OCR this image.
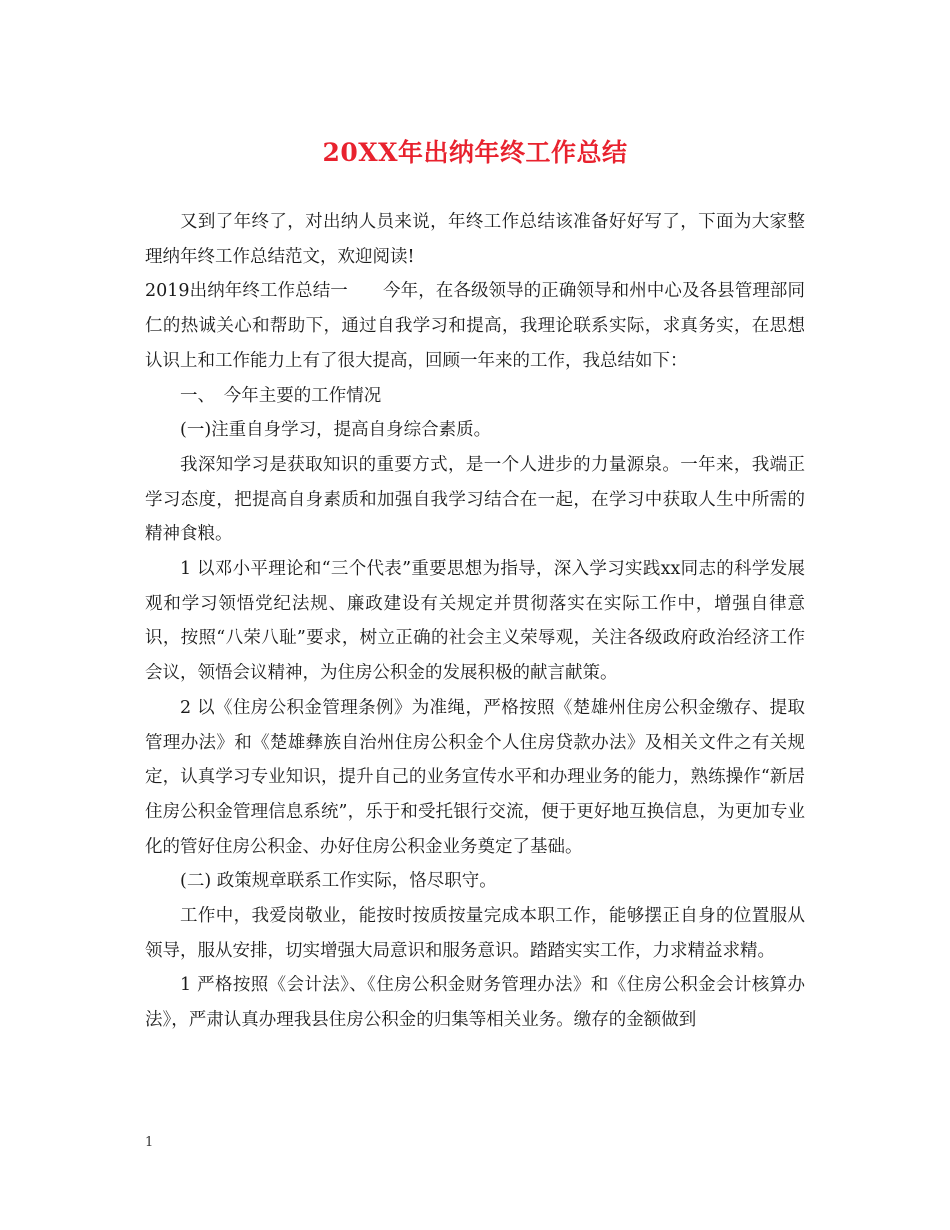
20XX年出纳年终工作总结

又到了年终了，对出纳人员来说，年终工作总结该准备好好写了，下面为大家整理纳年终工作总结范文，欢迎阅读!

2019出纳年终工作总结一　　今年，在各级领导的正确领导和州中心及各县管理部同仁的热诚关心和帮助下，通过自我学习和提高，我理论联系实际，求真务实，在思想认识上和工作能力上有了很大提高，回顾一年来的工作，我总结如下：

一、　今年主要的工作情况

(一)注重自身学习，提高自身综合素质。

我深知学习是获取知识的重要方式，是一个人进步的力量源泉。一年来，我端正学习态度，把提高自身素质和加强自我学习结合在一起，在学习中获取人生中所需的精神食粮。

1 以邓小平理论和“三个代表”重要思想为指导，深入学习实践xx同志的科学发展观和学习领悟党纪法规、廉政建设有关规定并贯彻落实在实际工作中，增强自律意识，按照“八荣八耻”要求，树立正确的社会主义荣辱观，关注各级政府政治经济工作会议，领悟会议精神，为住房公积金的发展积极的献言献策。

2 以《住房公积金管理条例》为准绳，严格按照《楚雄州住房公积金缴存、提取管理办法》和《楚雄彝族自治州住房公积金个人住房贷款办法》及相关文件之有关规定，认真学习专业知识，提升自己的业务宣传水平和办理业务的能力，熟练操作“新居住房公积金管理信息系统”，乐于和受托银行交流，便于更好地互换信息，为更加专业化的管好住房公积金、办好住房公积金业务奠定了基础。

(二) 政策规章联系工作实际，恪尽职守。

工作中，我爱岗敬业，能按时按质按量完成本职工作，能够摆正自身的位置服从领导，服从安排，切实增强大局意识和服务意识。踏踏实实工作，力求精益求精。

1 严格按照《会计法》、《住房公积金财务管理办法》和《住房公积金会计核算办法》，严肃认真办理我县住房公积金的归集等相关业务。缴存的金额做到

1
